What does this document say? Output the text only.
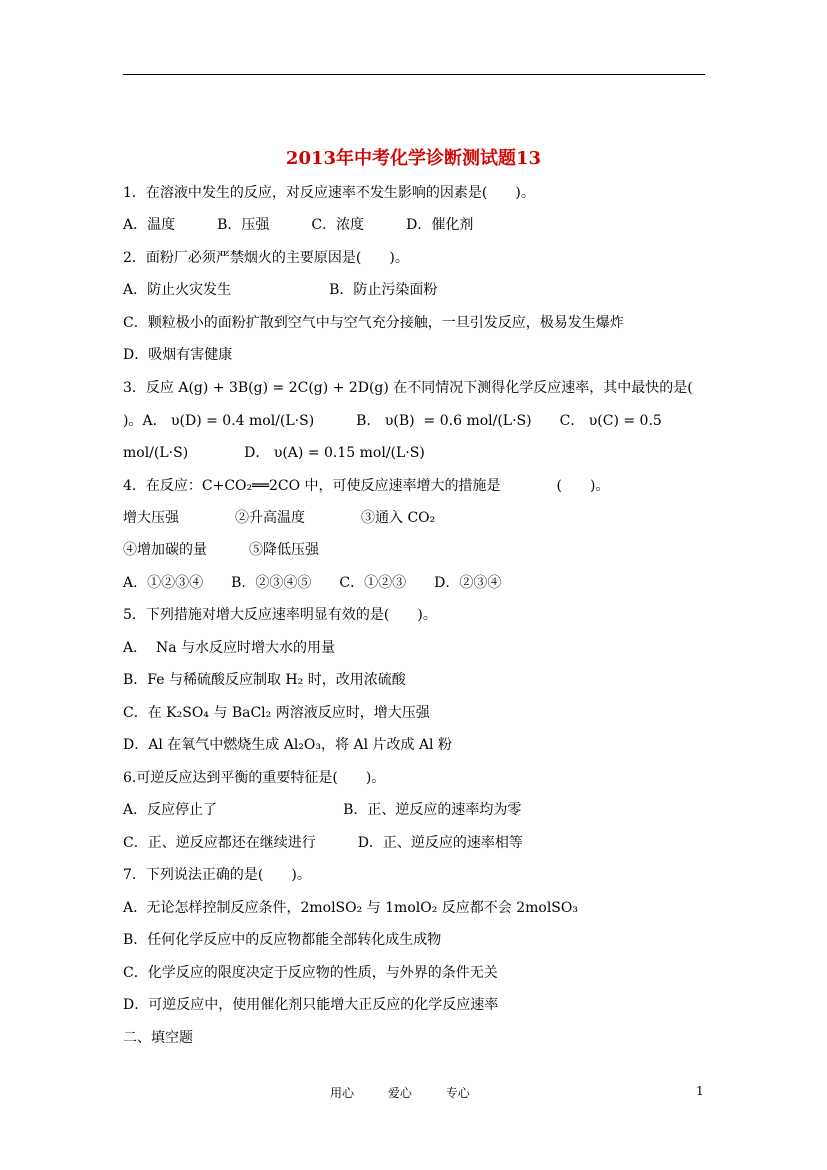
2013年中考化学诊断测试题13
1．在溶液中发生的反应，对反应速率不发生影响的因素是(　　)。
A．温度　　　B．压强　　　C．浓度　　　D．催化剂
2．面粉厂必须严禁烟火的主要原因是(　　)。
A．防止火灾发生　　　　　　　B．防止污染面粉
C．颗粒极小的面粉扩散到空气中与空气充分接触，一旦引发反应，极易发生爆炸
D．吸烟有害健康
3．反应 A(g) + 3B(g) = 2C(g) + 2D(g) 在不同情况下测得化学反应速率，其中最快的是(
)。A． υ(D) = 0.4 mol/(L·S)　　　B． υ(B)  = 0.6 mol/(L·S)　　C． υ(C) = 0.5
mol/(L·S)　　　　D． υ(A) = 0.15 mol/(L·S)
4．在反应：C+CO₂══2CO 中，可使反应速率增大的措施是　　　　(　　)。
增大压强　　　　②升高温度　　　　③通入 CO₂
④增加碳的量　　　⑤降低压强
A．①②③④　　B．②③④⑤　　C．①②③　　D．②③④
5．下列措施对增大反应速率明显有效的是(　　)。
A．  Na 与水反应时增大水的用量
B．Fe 与稀硫酸反应制取 H₂ 时，改用浓硫酸
C．在 K₂SO₄ 与 BaCl₂ 两溶液反应时，增大压强
D．Al 在氧气中燃烧生成 Al₂O₃，将 Al 片改成 Al 粉
6.可逆反应达到平衡的重要特征是(　　)。
A．反应停止了　　　　　　　　　B．正、逆反应的速率均为零
C．正、逆反应都还在继续进行　　　D．正、逆反应的速率相等
7．下列说法正确的是(　　)。
A.  无论怎样控制反应条件，2molSO₂ 与 1molO₂ 反应都不会 2molSO₃
B．任何化学反应中的反应物都能全部转化成生成物
C．化学反应的限度决定于反应物的性质，与外界的条件无关
D．可逆反应中，使用催化剂只能增大正反应的化学反应速率
二、填空题
用心	爱心	专心	1
